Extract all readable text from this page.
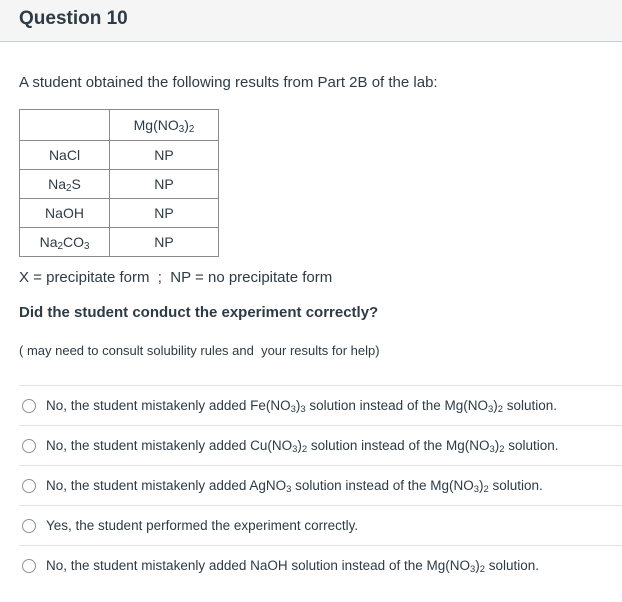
Question 10
A student obtained the following results from Part 2B of the lab:
	$Mg(NO_3)_2$
NaCl	NP
$Na_2S$	NP
NaOH	NP
$Na_2CO_3$	NP
X = precipitate form  ;  NP = no precipitate form
Did the student conduct the experiment correctly?
( may need to consult solubility rules and  your results for help)
No, the student mistakenly added $Fe(NO_3)_3$ solution instead of the $Mg(NO_3)_2$ solution.
No, the student mistakenly added $Cu(NO_3)_2$ solution instead of the $Mg(NO_3)_2$ solution.
No, the student mistakenly added AgNO$_3$ solution instead of the $Mg(NO_3)_2$ solution.
Yes, the student performed the experiment correctly.
No, the student mistakenly added NaOH solution instead of the $Mg(NO_3)_2$ solution.
